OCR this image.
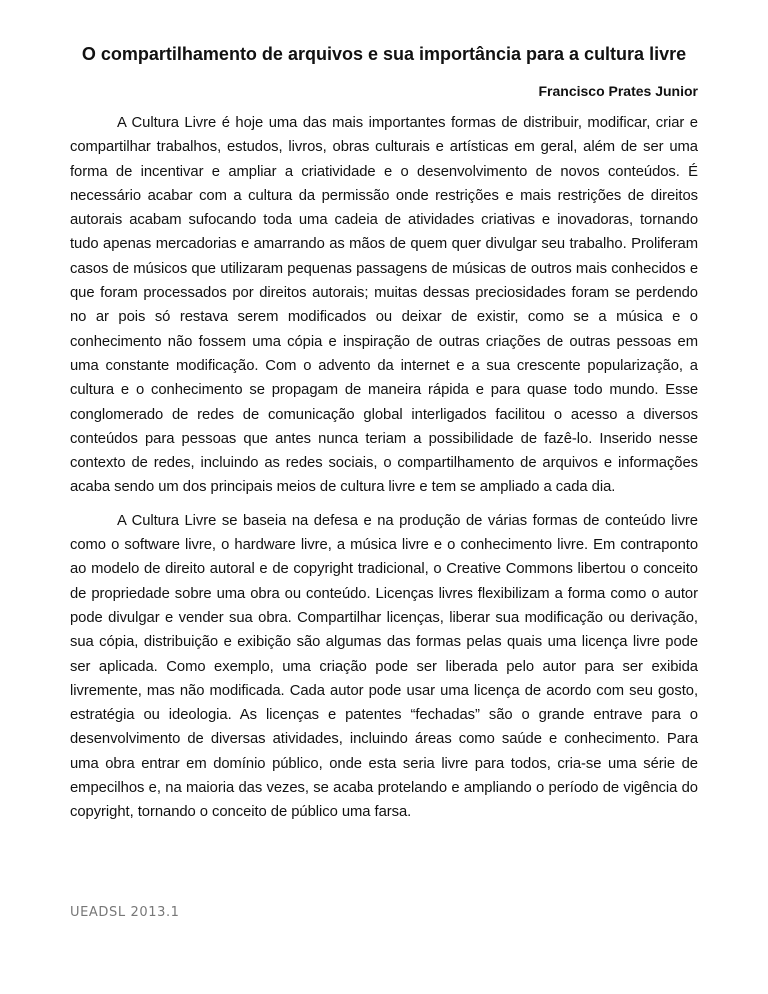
O compartilhamento de arquivos e sua importância para a cultura livre
Francisco Prates Junior

A Cultura Livre é hoje uma das mais importantes formas de distribuir, modificar, criar e compartilhar trabalhos, estudos, livros, obras culturais e artísticas em geral, além de ser uma forma de incentivar e ampliar a criatividade e o desenvolvimento de novos conteúdos. É necessário acabar com a cultura da permissão onde restrições e mais restrições de direitos autorais acabam sufocando toda uma cadeia de atividades criativas e inovadoras, tornando tudo apenas mercadorias e amarrando as mãos de quem quer divulgar seu trabalho. Proliferam casos de músicos que utilizaram pequenas passagens de músicas de outros mais conhecidos e que foram processados por direitos autorais; muitas dessas preciosidades foram se perdendo no ar pois só restava serem modificados ou deixar de existir, como se a música e o conhecimento não fossem uma cópia e inspiração de outras criações de outras pessoas em uma constante modificação. Com o advento da internet e a sua crescente popularização, a cultura e o conhecimento se propagam de maneira rápida e para quase todo mundo. Esse conglomerado de redes de comunicação global interligados facilitou o acesso a diversos conteúdos para pessoas que antes nunca teriam a possibilidade de fazê-lo. Inserido nesse contexto de redes, incluindo as redes sociais, o compartilhamento de arquivos e informações acaba sendo um dos principais meios de cultura livre e tem se ampliado a cada dia.

A Cultura Livre se baseia na defesa e na produção de várias formas de conteúdo livre como o software livre, o hardware livre, a música livre e o conhecimento livre. Em contraponto ao modelo de direito autoral e de copyright tradicional, o Creative Commons libertou o conceito de propriedade sobre uma obra ou conteúdo. Licenças livres flexibilizam a forma como o autor pode divulgar e vender sua obra. Compartilhar licenças, liberar sua modificação ou derivação, sua cópia, distribuição e exibição são algumas das formas pelas quais uma licença livre pode ser aplicada. Como exemplo, uma criação pode ser liberada pelo autor para ser exibida livremente, mas não modificada. Cada autor pode usar uma licença de acordo com seu gosto, estratégia ou ideologia. As licenças e patentes “fechadas” são o grande entrave para o desenvolvimento de diversas atividades, incluindo áreas como saúde e conhecimento. Para uma obra entrar em domínio público, onde esta seria livre para todos, cria-se uma série de empecilhos e, na maioria das vezes, se acaba protelando e ampliando o período de vigência do copyright, tornando o conceito de público uma farsa.

UEADSL 2013.1
